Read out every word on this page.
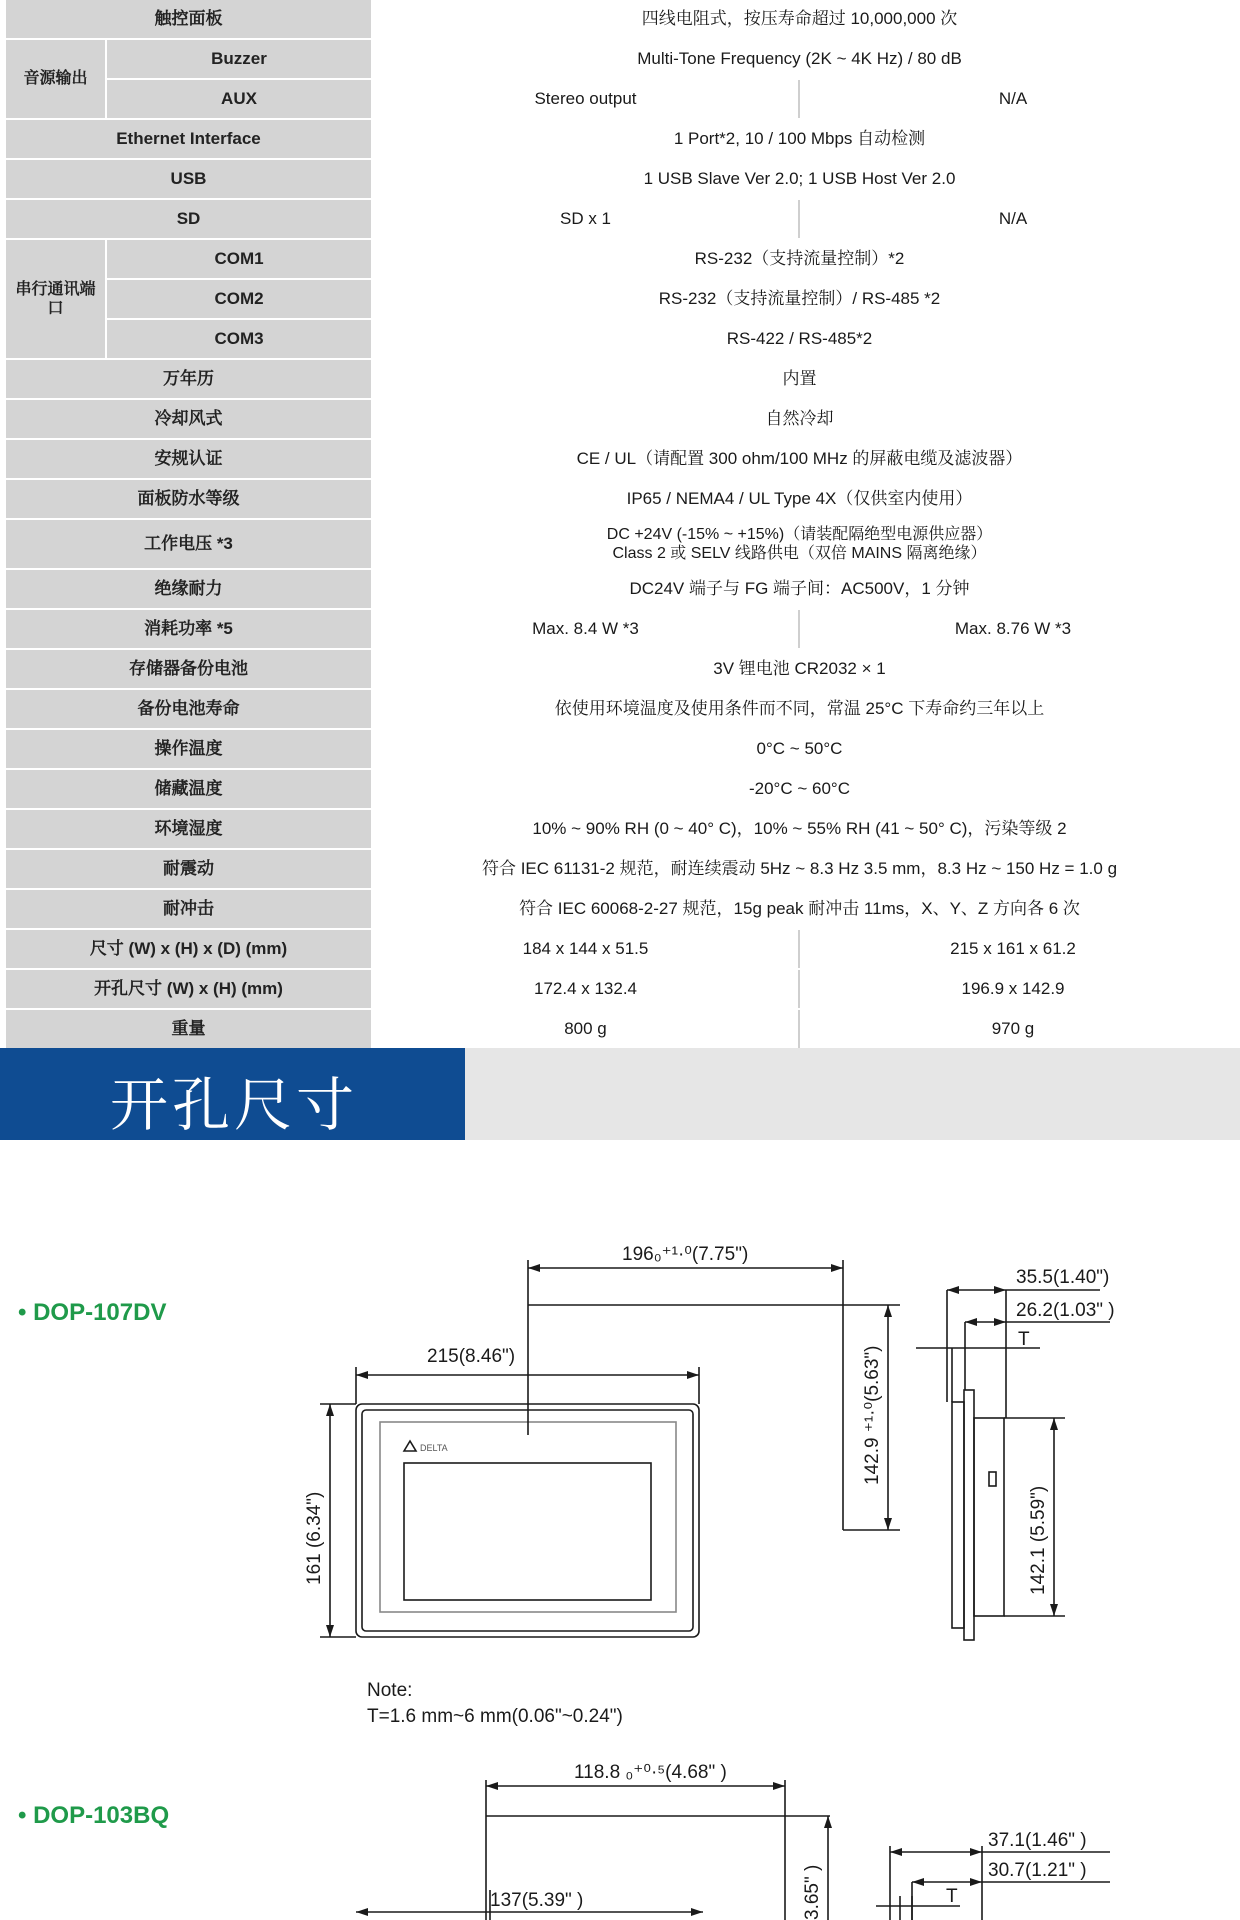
触控面板		四线电阻式，按压寿命超过 10,000,000 次	
音源输出	Buzzer	Multi-Tone Frequency (2K ~ 4K Hz) / 80 dB	
	AUX	Stereo output	N/A
Ethernet Interface		1 Port*2, 10 / 100 Mbps 自动检测	
USB		1 USB Slave Ver 2.0; 1 USB Host Ver 2.0	
SD		SD x 1	N/A
串行通讯端口	COM1	RS-232（支持流量控制）*2	
	COM2	RS-232（支持流量控制）/ RS-485 *2	
	COM3	RS-422 / RS-485*2	
万年历		内置	
冷却风式		自然冷却	
安规认证		CE / UL（请配置 300 ohm/100 MHz 的屏蔽电缆及滤波器）	
面板防水等级		IP65 / NEMA4 / UL Type 4X（仅供室内使用）	
工作电压 *3		DC +24V (-15% ~ +15%)（请装配隔绝型电源供应器）
Class 2 或 SELV 线路供电（双倍 MAINS 隔离绝缘）	
绝缘耐力		DC24V 端子与 FG 端子间：AC500V，1 分钟	
消耗功率 *5		Max. 8.4 W *3	Max. 8.76 W *3
存储器备份电池		3V 锂电池 CR2032 × 1	
备份电池寿命		依使用环境温度及使用条件而不同，常温 25°C 下寿命约三年以上	
操作温度		0°C ~ 50°C	
储藏温度		-20°C ~ 60°C	
环境湿度		10% ~ 90% RH (0 ~ 40° C)，10% ~ 55% RH (41 ~ 50° C)，污染等级 2	
耐震动		符合 IEC 61131-2 规范，耐连续震动 5Hz ~ 8.3 Hz 3.5 mm，8.3 Hz ~ 150 Hz = 1.0 g	
耐冲击		符合 IEC 60068-2-27 规范，15g peak 耐冲击 11ms，X、Y、Z 方向各 6 次	
尺寸 (W) x (H) x (D) (mm)		184 x 144 x 51.5	215 x 161 x 61.2
开孔尺寸 (W) x (H) (mm)		172.4 x 132.4	196.9 x 142.9
重量		800 g	970 g
开孔尺寸
• DOP-107DV
DELTA
215(8.46")
196₀⁺¹·⁰(7.75")
142.9 ⁺¹·⁰(5.63")
161 (6.34")
35.5(1.40")
26.2(1.03" )
T
142.1 (5.59")
Note:
T=1.6 mm~6 mm(0.06"~0.24")
• DOP-103BQ
118.8 ₀⁺⁰·⁵(4.68" )
3.65" )
137(5.39" )
37.1(1.46" )
30.7(1.21" )
T
